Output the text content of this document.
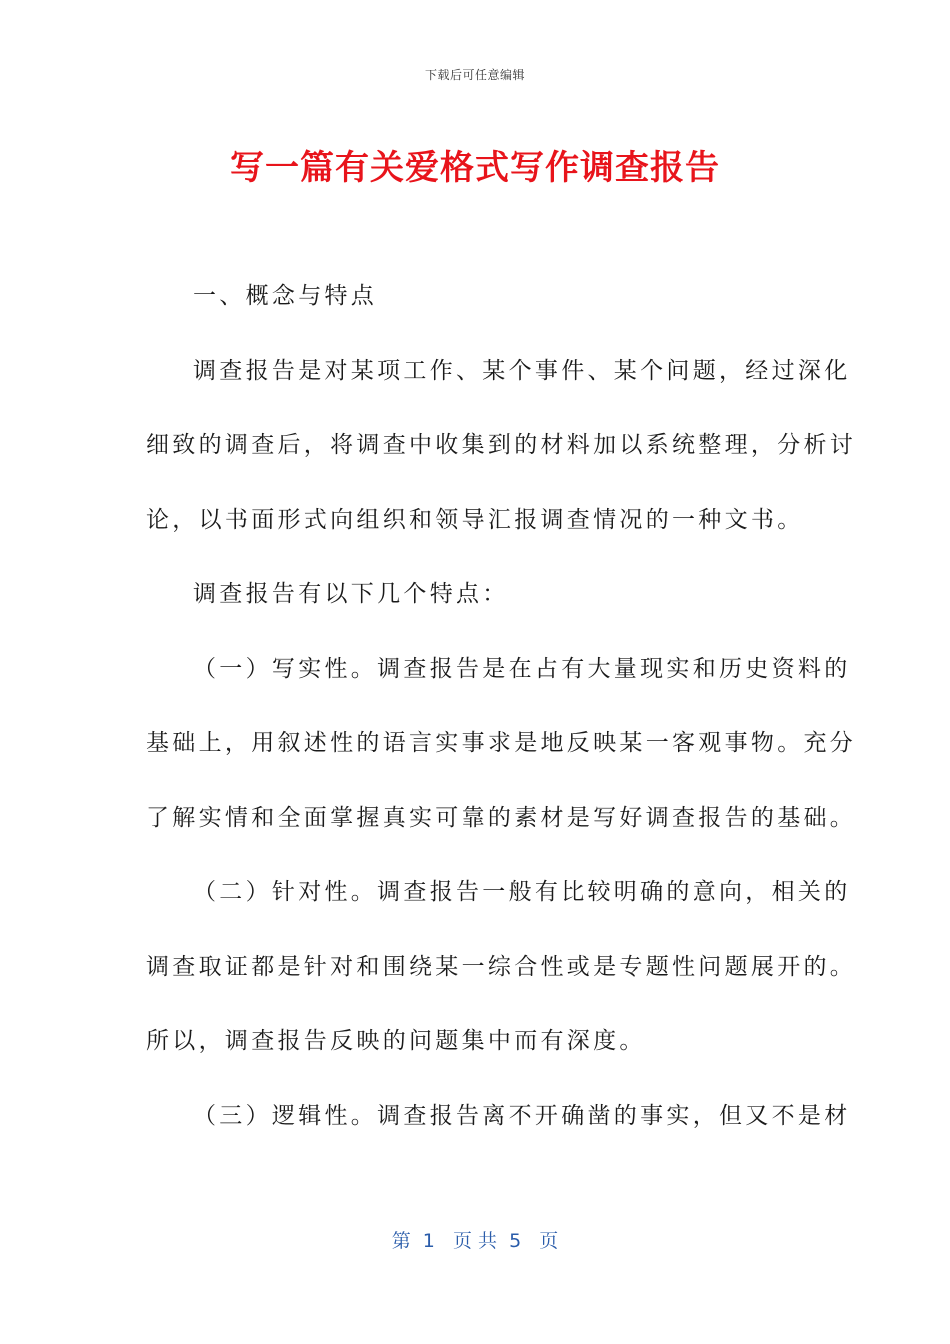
下载后可任意编辑
写一篇有关爱格式写作调查报告
一、概念与特点
调查报告是对某项工作、某个事件、某个问题，经过深化
细致的调查后，将调查中收集到的材料加以系统整理，分析讨
论，以书面形式向组织和领导汇报调查情况的一种文书。
调查报告有以下几个特点：
（一）写实性。调查报告是在占有大量现实和历史资料的
基础上，用叙述性的语言实事求是地反映某一客观事物。充分
了解实情和全面掌握真实可靠的素材是写好调查报告的基础。
（二）针对性。调查报告一般有比较明确的意向，相关的
调查取证都是针对和围绕某一综合性或是专题性问题展开的。
所以，调查报告反映的问题集中而有深度。
（三）逻辑性。调查报告离不开确凿的事实，但又不是材
第  1   页 共  5   页
